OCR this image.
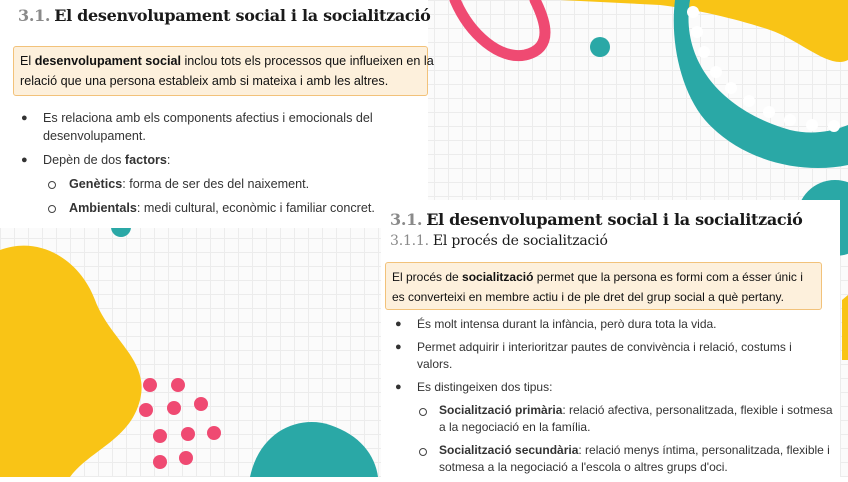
3.1. El desenvolupament social i la socialització
El desenvolupament social inclou tots els processos que influeixen en la
relació que una persona estableix amb si mateixa i amb les altres.
● Es relaciona amb els components afectius i emocionals del
desenvolupament.
● Depèn de dos factors:
Genètics: forma de ser des del naixement.
Ambientals: medi cultural, econòmic i familiar concret.
3.1. El desenvolupament social i la socialització
3.1.1. El procés de socialització
El procés de socialització permet que la persona es formi com a ésser únic i
es converteixi en membre actiu i de ple dret del grup social a què pertany.
● És molt intensa durant la infància, però dura tota la vida.
● Permet adquirir i interioritzar pautes de convivència i relació, costums i
valors.
● Es distingeixen dos tipus:
Socialització primària: relació afectiva, personalitzada, flexible i sotmesa
a la negociació en la família.
Socialització secundària: relació menys íntima, personalitzada, flexible i
sotmesa a la negociació a l'escola o altres grups d'oci.
